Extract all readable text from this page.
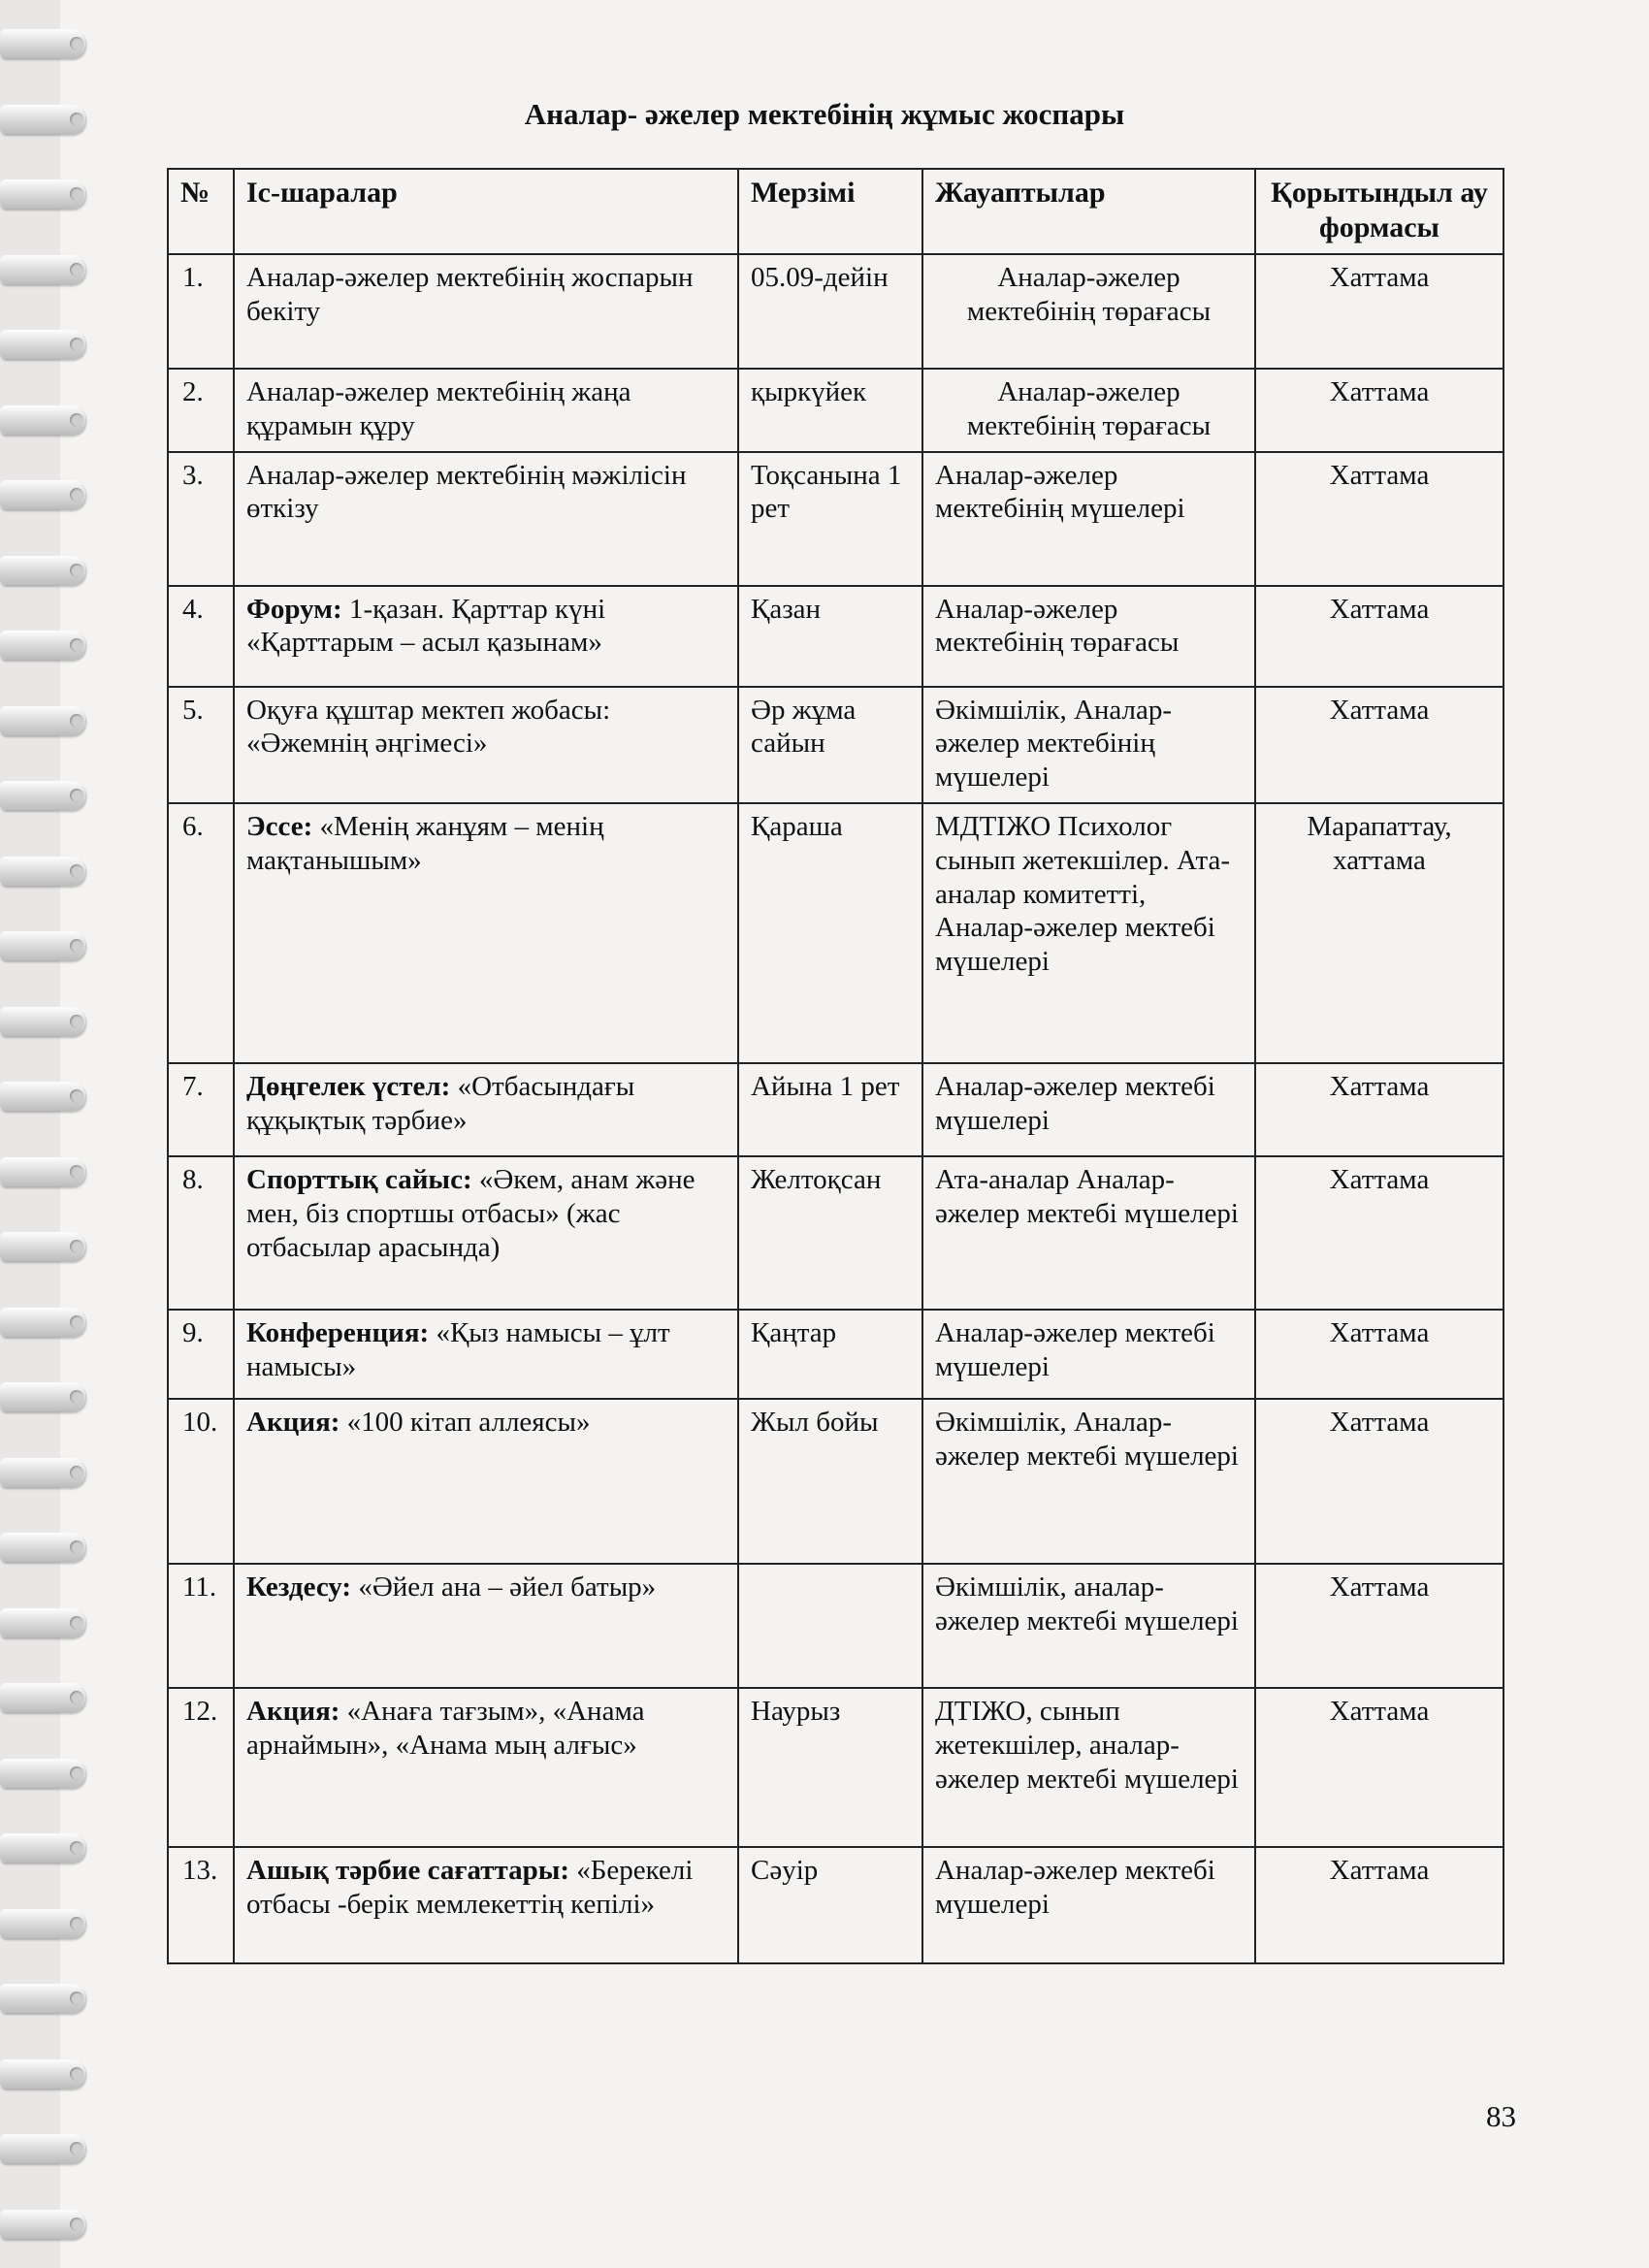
Аналар- әжелер мектебінің жұмыс жоспары
№	Іс-шаралар	Мерзімі	Жауаптылар	Қорытындыл ау формасы
1.	Аналар-әжелер мектебінің жоспарын бекіту	05.09-дейін	Аналар-әжелер мектебінің төрағасы	Хаттама
2.	Аналар-әжелер мектебінің жаңа құрамын құру	қыркүйек	Аналар-әжелер мектебінің төрағасы	Хаттама
3.	Аналар-әжелер мектебінің мәжілісін өткізу	Тоқсанына 1 рет	Аналар-әжелер мектебінің мүшелері	Хаттама
4.	Форум: 1-қазан. Қарттар күні «Қарттарым – асыл қазынам»	Қазан	Аналар-әжелер мектебінің төрағасы	Хаттама
5.	Оқуға құштар мектеп жобасы: «Әжемнің әңгімесі»	Әр жұма сайын	Әкімшілік, Аналар-әжелер мектебінің мүшелері	Хаттама
6.	Эссе: «Менің жанұям – менің мақтанышым»	Қараша	МДТІЖО Психолог сынып жетекшілер. Ата-аналар комитетті, Аналар-әжелер мектебі мүшелері	Марапаттау, хаттама
7.	Дөңгелек үстел: «Отбасындағы құқықтық тәрбие»	Айына 1 рет	Аналар-әжелер мектебі мүшелері	Хаттама
8.	Спорттық сайыс: «Әкем, анам және мен, біз спортшы отбасы» (жас отбасылар арасында)	Желтоқсан	Ата-аналар Аналар-әжелер мектебі мүшелері	Хаттама
9.	Конференция: «Қыз намысы – ұлт намысы»	Қаңтар	Аналар-әжелер мектебі мүшелері	Хаттама
10.	Акция: «100 кітап аллеясы»	Жыл бойы	Әкімшілік, Аналар-әжелер мектебі мүшелері	Хаттама
11.	Кездесу: «Әйел ана – әйел батыр»		Әкімшілік, аналар-әжелер мектебі мүшелері	Хаттама
12.	Акция: «Анаға тағзым», «Анама арнаймын», «Анама мың алғыс»	Наурыз	ДТІЖО, сынып жетекшілер, аналар-әжелер мектебі мүшелері	Хаттама
13.	Ашық тәрбие сағаттары: «Берекелі отбасы -берік мемлекеттің кепілі»	Сәуір	Аналар-әжелер мектебі мүшелері	Хаттама
83
